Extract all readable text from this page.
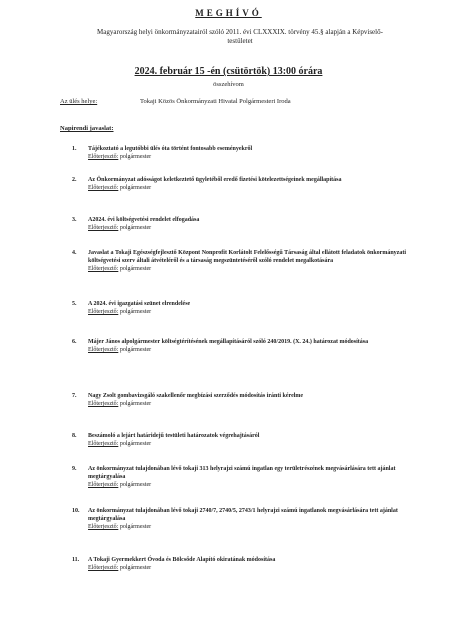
MEGHÍVÓ
Magyarország helyi önkormányzatairól szóló 2011. évi CLXXXIX. törvény 45.§ alapján a Képviselő-testületet
2024. február 15 -én (csütörtök) 13:00 órára
összehívom
Az ülés helye:	Tokaji Közös Önkormányzati Hivatal Polgármesteri Iroda
Napirendi javaslat:
1. Tájékoztató a legutóbbi ülés óta történt fontosabb eseményekről
Előterjesztő: polgármester
2. Az Önkormányzat adósságot keletkeztető ügyletéből eredő fizetési kötelezettségeinek megállapítása
Előterjesztő: polgármester
3. A2024. évi költségvetési rendelet elfogadása
Előterjesztő: polgármester
4. Javaslat a Tokaji Egészségfejlesztő Központ Nonprofit Korlátolt Felelősségű Társaság által ellátott feladatok önkormányzati költségvetési szerv általi átvételéről és a társaság megszüntetéséről szóló rendelet megalkotására
Előterjesztő: polgármester
5. A 2024. évi igazgatási szünet elrendelése
Előterjesztő: polgármester
6. Májer János alpolgármester költségtérítésének megállapításáról szóló 240/2019. (X. 24.) határozat módosítása
Előterjesztő: polgármester
7. Nagy Zsolt gombavizsgáló szakellenőr megbízási szerződés módosítás iránti kérelme
Előterjesztő: polgármester
8. Beszámoló a lejárt határidejű testületi határozatok végrehajtásáról
Előterjesztő: polgármester
9. Az önkormányzat tulajdonában lévő tokaji 313 helyrajzi számú ingatlan egy területrészének megvásárlására tett ajánlat megtárgyalása
Előterjesztő: polgármester
10. Az önkormányzat tulajdonában lévő tokaji 2740/7, 2740/5, 2743/1 helyrajzi számú ingatlanok megvásárlására tett ajánlat megtárgyalása
Előterjesztő: polgármester
11. A Tokaji Gyermekkert Óvoda és Bölcsőde Alapító okiratának módosítása
Előterjesztő: polgármester
